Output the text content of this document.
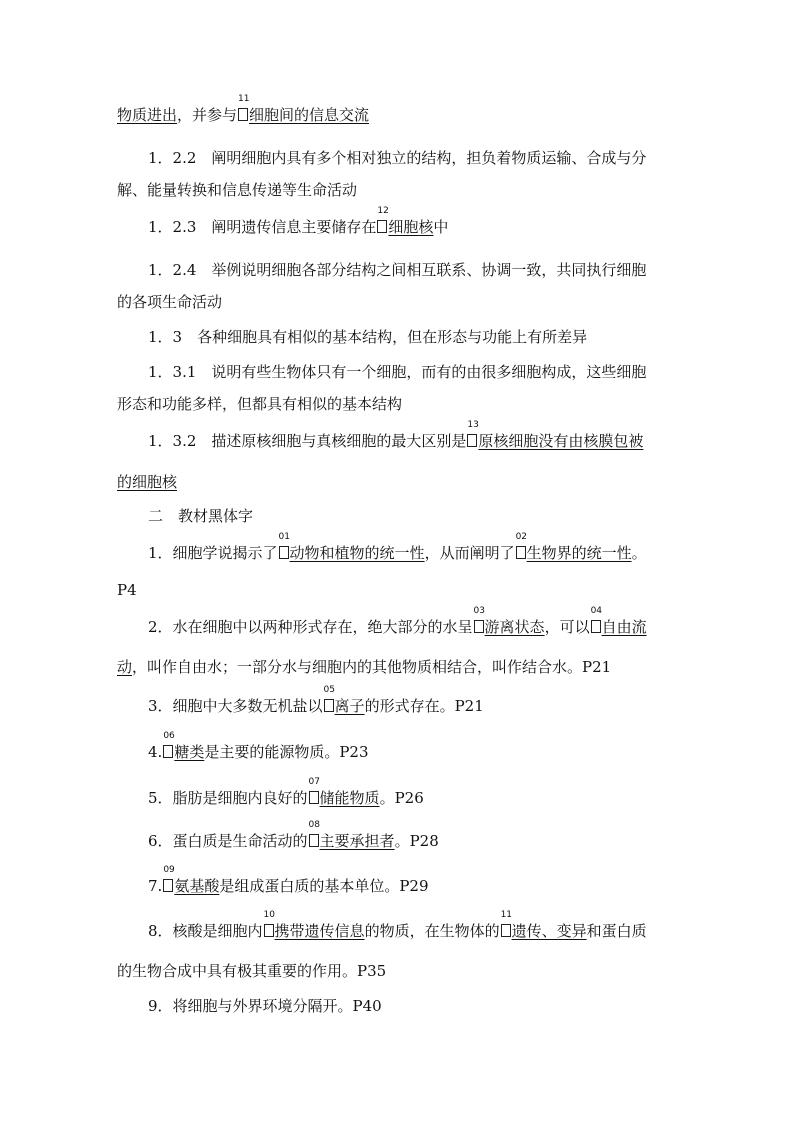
物质进出，并参与
11
细胞间的信息交流
1．2.2　阐明细胞内具有多个相对独立的结构，担负着物质运输、合成与分
解、能量转换和信息传递等生命活动
1．2.3　阐明遗传信息主要储存在
12
细胞核中
1．2.4　举例说明细胞各部分结构之间相互联系、协调一致，共同执行细胞
的各项生命活动
1．3　各种细胞具有相似的基本结构，但在形态与功能上有所差异
1．3.1　说明有些生物体只有一个细胞，而有的由很多细胞构成，这些细胞
形态和功能多样，但都具有相似的基本结构
1．3.2　描述原核细胞与真核细胞的最大区别是
13
原核细胞没有由核膜包被
的细胞核
二　教材黑体字
1．细胞学说揭示了
01
动物和植物的统一性，从而阐明了
02
生物界的统一性。
P4
2．水在细胞中以两种形式存在，绝大部分的水呈
03
游离状态，可以
04
自由流
动，叫作自由水；一部分水与细胞内的其他物质相结合，叫作结合水。P21
3．细胞中大多数无机盐以
05
离子的形式存在。P21
4.
06
糖类是主要的能源物质。P23
5．脂肪是细胞内良好的
07
储能物质。P26
6．蛋白质是生命活动的
08
主要承担者。P28
7.
09
氨基酸是组成蛋白质的基本单位。P29
8．核酸是细胞内
10
携带遗传信息的物质，在生物体的
11
遗传、变异和蛋白质
的生物合成中具有极其重要的作用。P35
9．将细胞与外界环境分隔开。P40
